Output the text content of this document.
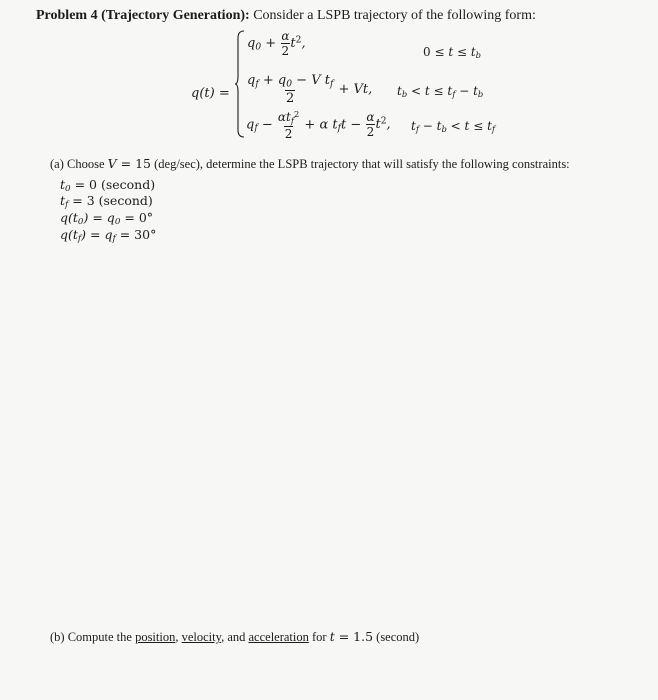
Problem 4 (Trajectory Generation): Consider a LSPB trajectory of the following form:
q(t) =
$q_0 + \frac{\alpha}{2} t^2$,
$0 \le t \le t_b$
$\frac{q_f + q_0 - V t_f}{2} + Vt$, $t_b < t \le t_f - t_b$
$q_f - \frac{\alpha t_f^2}{2} + \alpha$ $t_ft - \frac{\alpha}{2} t^2$, $t_f - t_b < t \le t_f$
(a) Choose V = 15 (deg/sec), determine the LSPB trajectory that will satisfy the following constraints:
$t_0 = 0$ (second)
$t_f = 3$ (second)
$q(t_0) = q_0 = 0^\circ$
$q(t_f) = q_f = 30^\circ$
(b) Compute the position, velocity, and acceleration for t = 1.5 (second)
